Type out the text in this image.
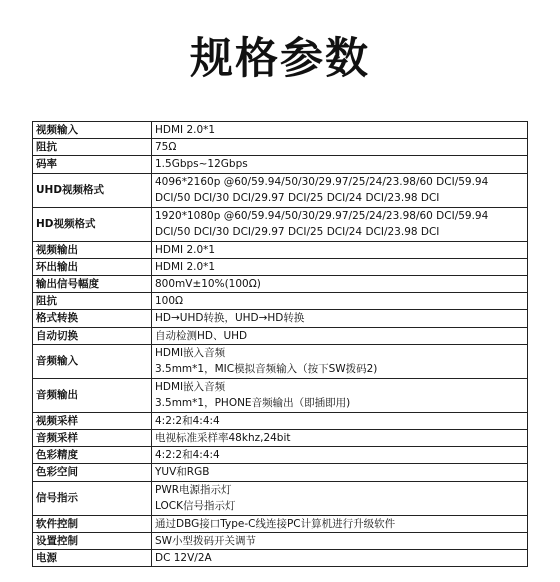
规格参数
视频输入	HDMI 2.0*1
阻抗	75Ω
码率	1.5Gbps~12Gbps
UHD视频格式	4096*2160p @60/59.94/50/30/29.97/25/24/23.98/60 DCI/59.94 DCI/50 DCI/30 DCI/29.97 DCI/25 DCI/24 DCI/23.98 DCI
HD视频格式	1920*1080p @60/59.94/50/30/29.97/25/24/23.98/60 DCI/59.94 DCI/50 DCI/30 DCI/29.97 DCI/25 DCI/24 DCI/23.98 DCI
视频输出	HDMI 2.0*1
环出输出	HDMI 2.0*1
输出信号幅度	800mV±10%(100Ω)
阻抗	100Ω
格式转换	HD→UHD转换，UHD→HD转换
自动切换	自动检测HD、UHD
音频输入	HDMI嵌入音频
3.5mm*1，MIC模拟音频输入（按下SW拨码2)
音频输出	HDMI嵌入音频
3.5mm*1，PHONE音频输出（即插即用)
视频采样	4:2:2和4:4:4
音频采样	电视标准采样率48khz,24bit
色彩精度	4:2:2和4:4:4
色彩空间	YUV和RGB
信号指示	PWR电源指示灯
LOCK信号指示灯
软件控制	通过DBG接口Type-C线连接PC计算机进行升级软件
设置控制	SW小型拨码开关调节
电源	DC 12V/2A
